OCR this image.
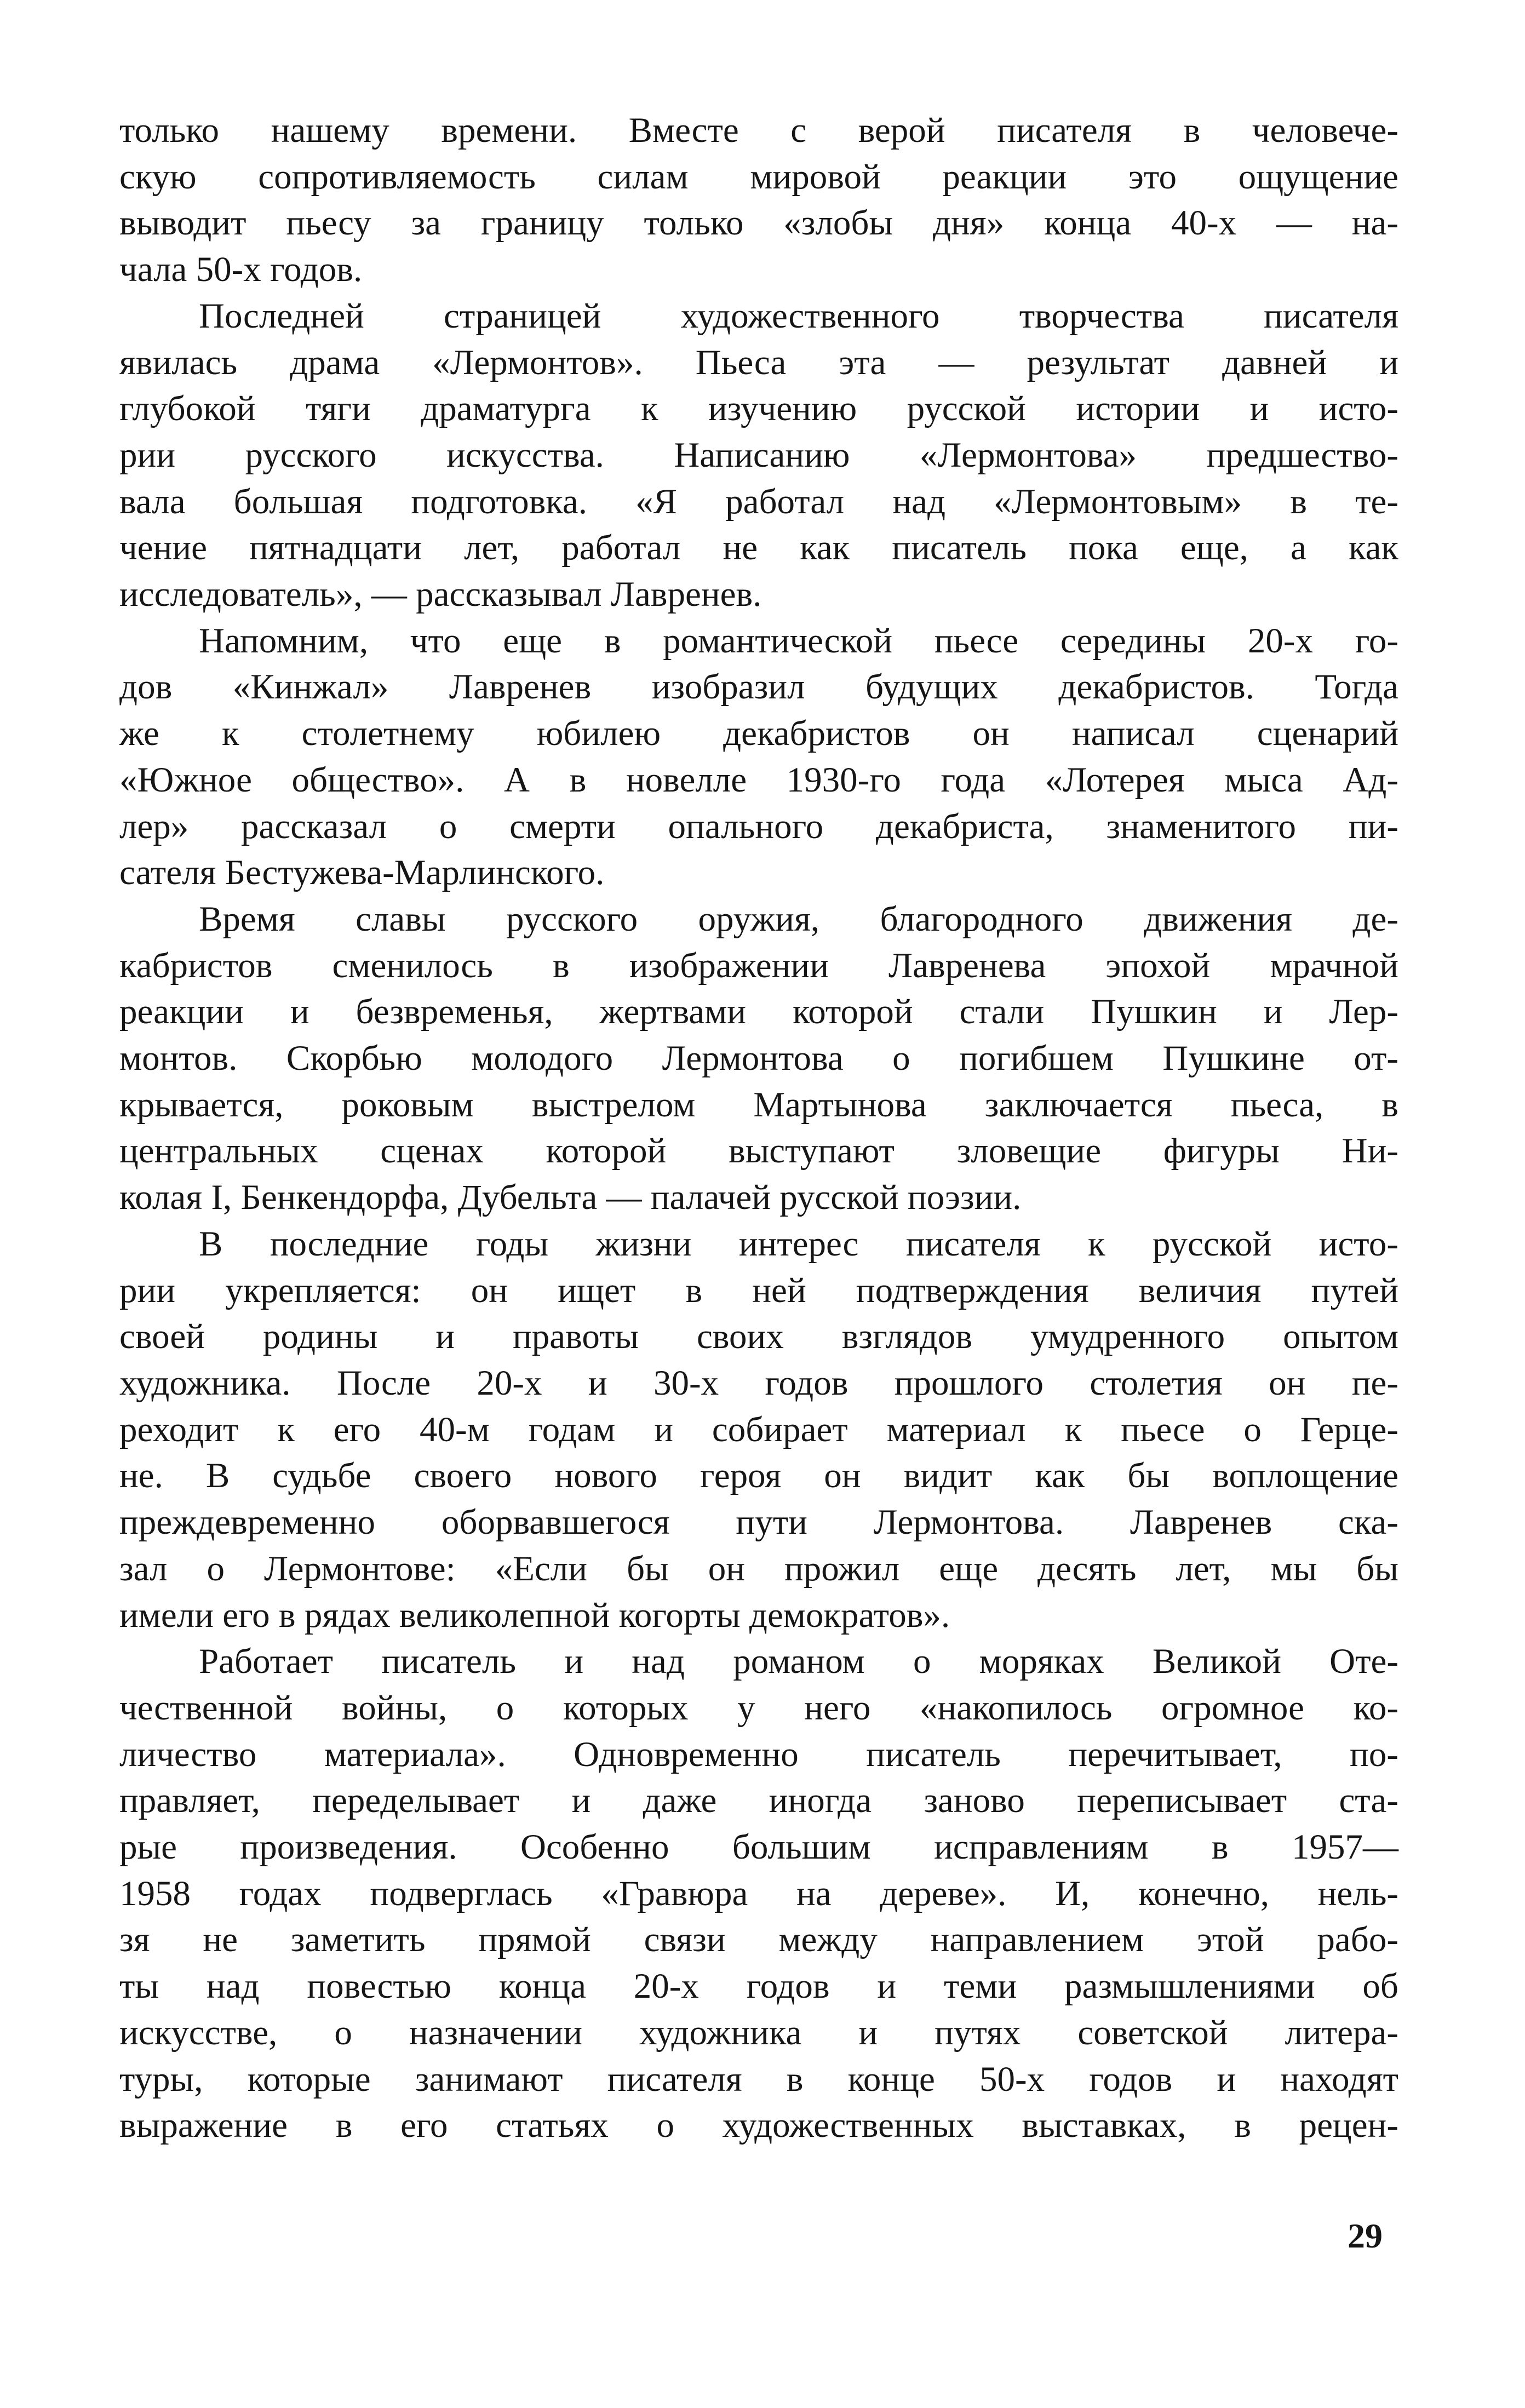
только нашему времени. Вместе с верой писателя в человече-
скую сопротивляемость силам мировой реакции это ощущение
выводит пьесу за границу только «злобы дня» конца 40-х — на-
чала 50-х годов.

Последней страницей художественного творчества писателя
явилась драма «Лермонтов». Пьеса эта — результат давней и
глубокой тяги драматурга к изучению русской истории и исто-
рии русского искусства. Написанию «Лермонтова» предшество-
вала большая подготовка. «Я работал над «Лермонтовым» в те-
чение пятнадцати лет, работал не как писатель пока еще, а как
исследователь», — рассказывал Лавренев.

Напомним, что еще в романтической пьесе середины 20-х го-
дов «Кинжал» Лавренев изобразил будущих декабристов. Тогда
же к столетнему юбилею декабристов он написал сценарий
«Южное общество». А в новелле 1930-го года «Лотерея мыса Ад-
лер» рассказал о смерти опального декабриста, знаменитого пи-
сателя Бестужева-Марлинского.

Время славы русского оружия, благородного движения де-
кабристов сменилось в изображении Лавренева эпохой мрачной
реакции и безвременья, жертвами которой стали Пушкин и Лер-
монтов. Скорбью молодого Лермонтова о погибшем Пушкине от-
крывается, роковым выстрелом Мартынова заключается пьеса, в
центральных сценах которой выступают зловещие фигуры Ни-
колая I, Бенкендорфа, Дубельта — палачей русской поэзии.

В последние годы жизни интерес писателя к русской исто-
рии укрепляется: он ищет в ней подтверждения величия путей
своей родины и правоты своих взглядов умудренного опытом
художника. После 20-х и 30-х годов прошлого столетия он пе-
реходит к его 40-м годам и собирает материал к пьесе о Герце-
не. В судьбе своего нового героя он видит как бы воплощение
преждевременно оборвавшегося пути Лермонтова. Лавренев ска-
зал о Лермонтове: «Если бы он прожил еще десять лет, мы бы
имели его в рядах великолепной когорты демократов».

Работает писатель и над романом о моряках Великой Оте-
чественной войны, о которых у него «накопилось огромное ко-
личество материала». Одновременно писатель перечитывает, по-
правляет, переделывает и даже иногда заново переписывает ста-
рые произведения. Особенно большим исправлениям в 1957—
1958 годах подверглась «Гравюра на дереве». И, конечно, нель-
зя не заметить прямой связи между направлением этой рабо-
ты над повестью конца 20-х годов и теми размышлениями об
искусстве, о назначении художника и путях советской литера-
туры, которые занимают писателя в конце 50-х годов и находят
выражение в его статьях о художественных выставках, в рецен-

29
